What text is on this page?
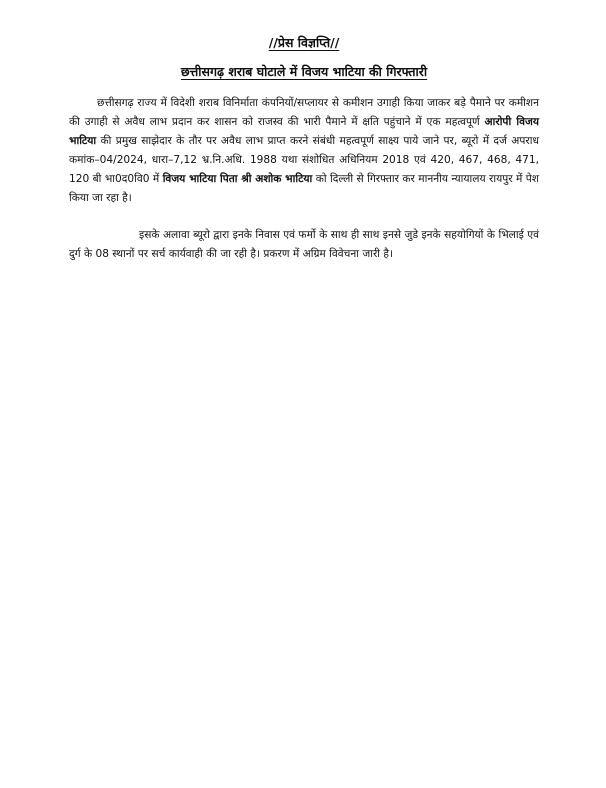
//प्रेस विज्ञप्ति//

छत्तीसगढ़ शराब घोटाले में विजय भाटिया की गिरफ्तारी

छत्तीसगढ़ राज्य में विदेशी शराब विनिर्माता कंपनियों/सप्लायर से कमीशन उगाही किया जाकर बड़े पैमाने पर कमीशन की उगाही से अवैध लाभ प्रदान कर शासन को राजस्व की भारी पैमाने में क्षति पहुंचाने में एक महत्वपूर्ण आरोपी विजय भाटिया की प्रमुख साझेदार के तौर पर अवैध लाभ प्राप्त करने संबंधी महत्वपूर्ण साक्ष्य पाये जाने पर, ब्यूरो में दर्ज अपराध कमांक–04/2024, धारा–7,12 भ्र.नि.अधि. 1988 यथा संशोधित अधिनियम 2018 एवं 420, 467, 468, 471, 120 बी भा0द0वि0 में विजय भाटिया पिता श्री अशोक भाटिया को दिल्ली से गिरफ्तार कर माननीय न्यायालय रायपुर में पेश किया जा रहा है।

इसके अलावा ब्यूरो द्वारा इनके निवास एवं फर्मो के साथ ही साथ इनसे जुडे इनके सहयोगियों के भिलाई एवं दुर्ग के 08 स्थानों पर सर्च कार्यवाही की जा रही है। प्रकरण में अग्रिम विवेचना जारी है।
